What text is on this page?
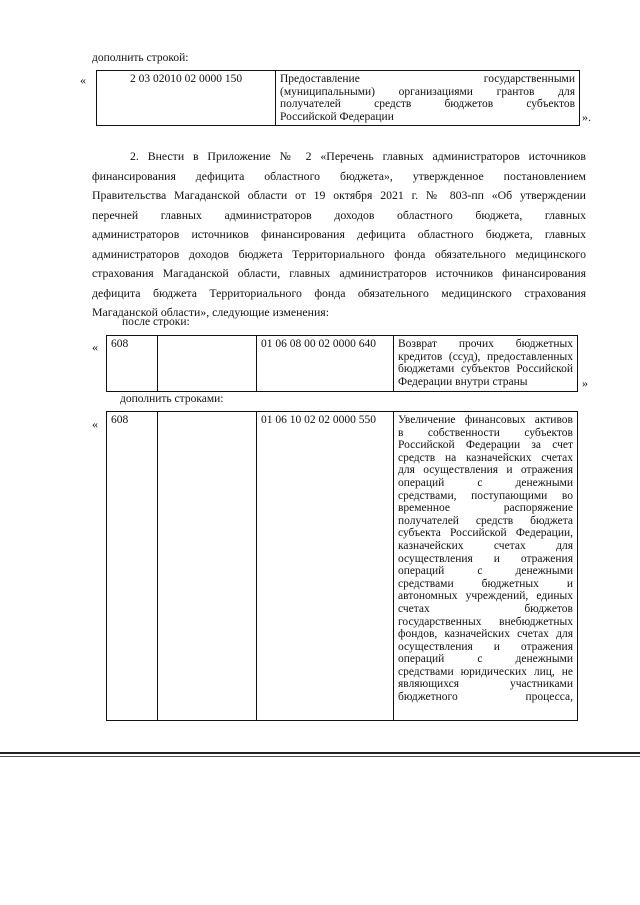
дополнить строкой:
«	2 03 02010 02 0000 150	Предоставление государственными
(муниципальными) организациями грантов для
получателей средств бюджетов субъектов
Российской Федерации	».
2. Внести в Приложение № 2 «Перечень главных администраторов источников
финансирования дефицита областного бюджета», утвержденное постановлением
Правительства Магаданской области от 19 октября 2021 г. № 803-пп «Об утверждении
перечней главных администраторов доходов областного бюджета, главных
администраторов источников финансирования дефицита областного бюджета, главных
администраторов доходов бюджета Территориального фонда обязательного медицинского
страхования Магаданской области, главных администраторов источников финансирования
дефицита бюджета Территориального фонда обязательного медицинского страхования
Магаданской области», следующие изменения:
после строки:
« 608		01 06 08 00 02 0000 640	Возврат прочих бюджетных
кредитов (ссуд), предоставленных
бюджетами субъектов Российской
Федерации внутри страны	»
дополнить строками:
« 608		01 06 10 02 02 0000 550	Увеличение финансовых активов
в собственности субъектов
Российской Федерации за счет
средств на казначейских счетах
для осуществления и отражения
операций с денежными
средствами, поступающими во
временное распоряжение
получателей средств бюджета
субъекта Российской Федерации,
казначейских счетах для
осуществления и отражения
операций с денежными
средствами бюджетных и
автономных учреждений, единых
счетах бюджетов
государственных внебюджетных
фондов, казначейских счетах для
осуществления и отражения
операций с денежными
средствами юридических лиц, не
являющихся участниками
бюджетного процесса,
